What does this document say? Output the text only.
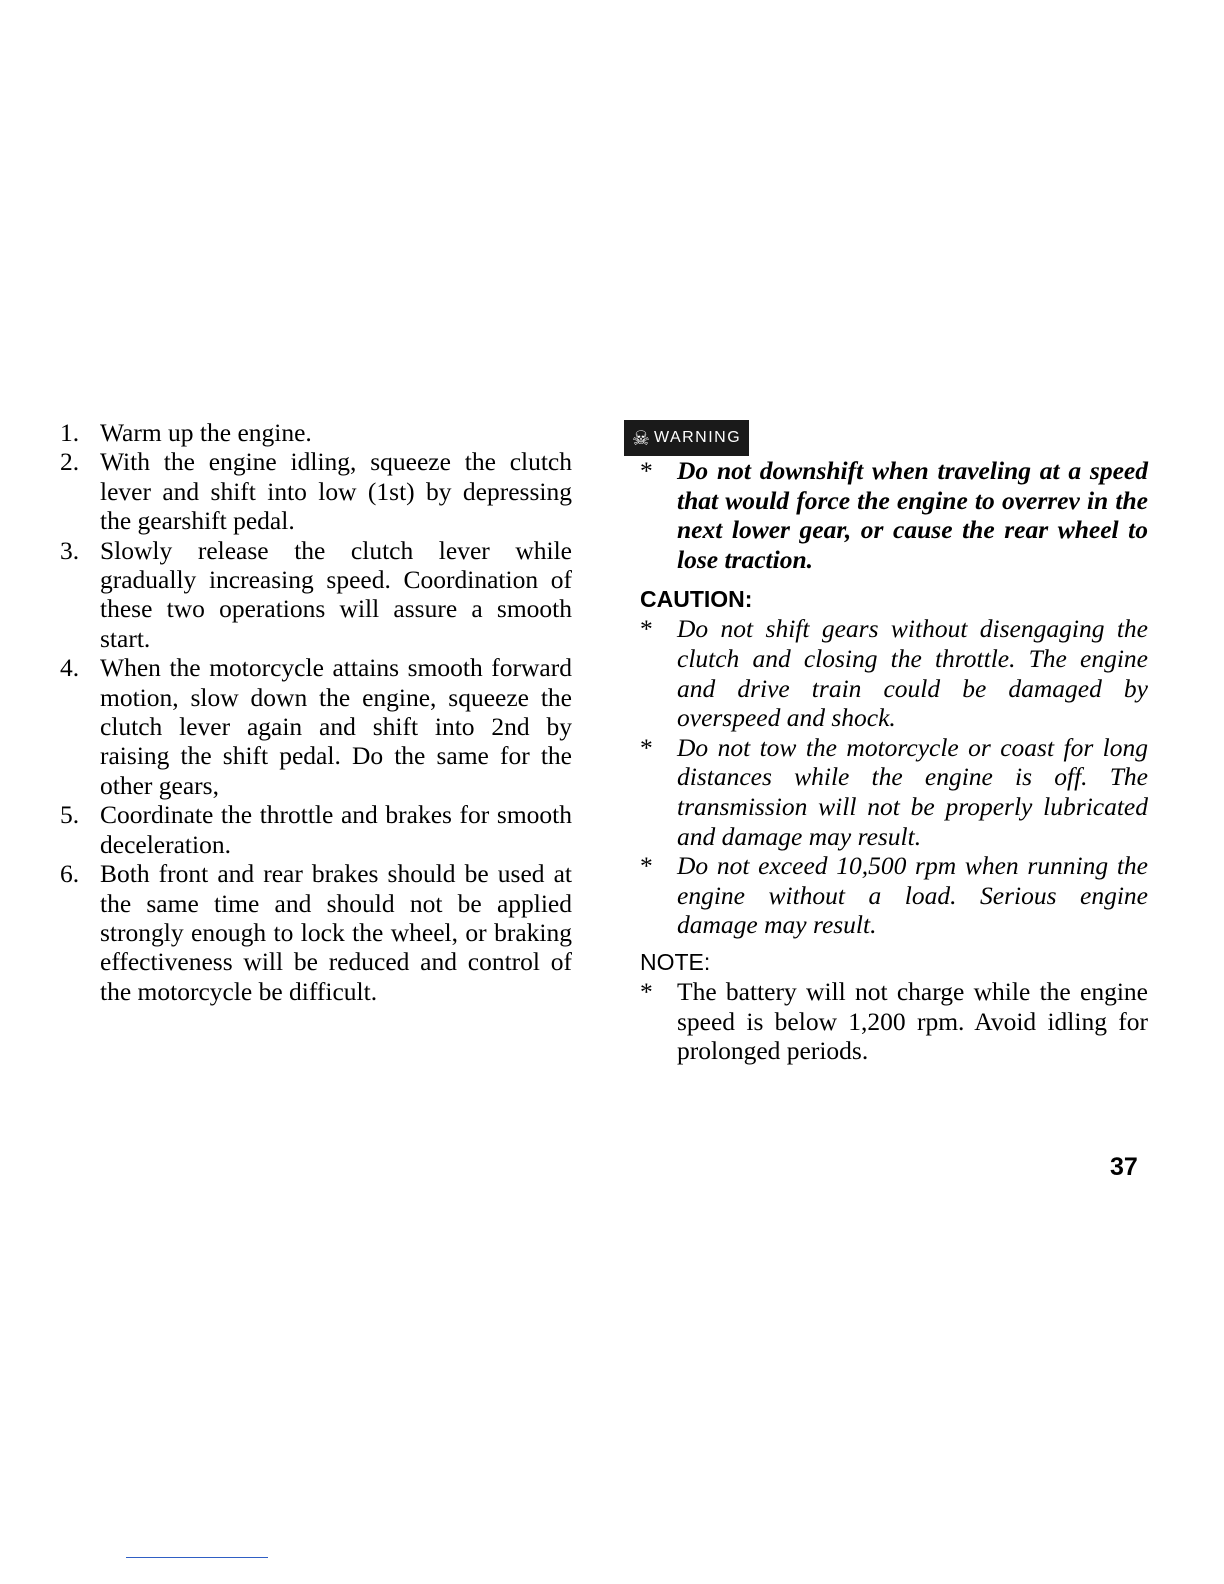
1. Warm up the engine.
2. With the engine idling, squeeze the clutch lever and shift into low (1st) by depressing the gearshift pedal.
3. Slowly release the clutch lever while gradually increasing speed. Coordination of these two operations will assure a smooth start.
4. When the motorcycle attains smooth forward motion, slow down the engine, squeeze the clutch lever again and shift into 2nd by raising the shift pedal. Do the same for the other gears,
5. Coordinate the throttle and brakes for smooth deceleration.
6. Both front and rear brakes should be used at the same time and should not be applied strongly enough to lock the wheel, or braking effectiveness will be reduced and control of the motorcycle be difficult.
☠ WARNING
* Do not downshift when traveling at a speed that would force the engine to overrev in the next lower gear, or cause the rear wheel to lose traction.

CAUTION:

* Do not shift gears without disengaging the clutch and closing the throttle. The engine and drive train could be damaged by overspeed and shock.
* Do not tow the motorcycle or coast for long distances while the engine is off. The transmission will not be properly lubricated and damage may result.
* Do not exceed 10,500 rpm when running the engine without a load. Serious engine damage may result.

NOTE:

* The battery will not charge while the engine speed is below 1,200 rpm. Avoid idling for prolonged periods.
37
